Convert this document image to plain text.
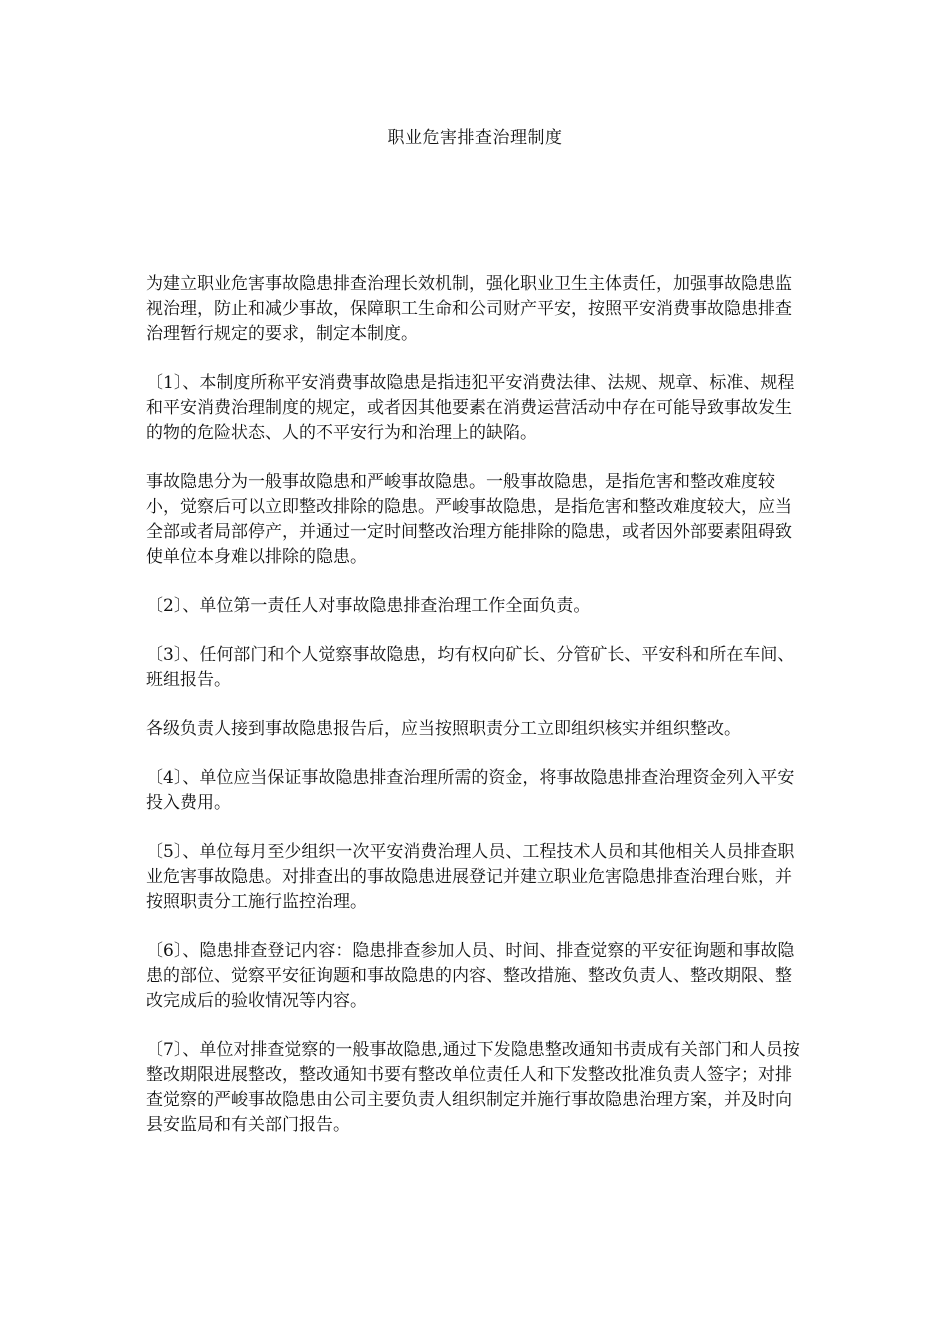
职业危害排查治理制度

为建立职业危害事故隐患排查治理长效机制，强化职业卫生主体责任，加强事故隐患监视治理，防止和减少事故，保障职工生命和公司财产平安，按照平安消费事故隐患排查治理暂行规定的要求，制定本制度。

〔1〕、本制度所称平安消费事故隐患是指违犯平安消费法律、法规、规章、标准、规程和平安消费治理制度的规定，或者因其他要素在消费运营活动中存在可能导致事故发生的物的危险状态、人的不平安行为和治理上的缺陷。

事故隐患分为一般事故隐患和严峻事故隐患。一般事故隐患，是指危害和整改难度较小，觉察后可以立即整改排除的隐患。严峻事故隐患，是指危害和整改难度较大，应当全部或者局部停产，并通过一定时间整改治理方能排除的隐患，或者因外部要素阻碍致使单位本身难以排除的隐患。

〔2〕、单位第一责任人对事故隐患排查治理工作全面负责。

〔3〕、任何部门和个人觉察事故隐患，均有权向矿长、分管矿长、平安科和所在车间、班组报告。

各级负责人接到事故隐患报告后，应当按照职责分工立即组织核实并组织整改。

〔4〕、单位应当保证事故隐患排查治理所需的资金，将事故隐患排查治理资金列入平安投入费用。

〔5〕、单位每月至少组织一次平安消费治理人员、工程技术人员和其他相关人员排查职业危害事故隐患。对排查出的事故隐患进展登记并建立职业危害隐患排查治理台账，并按照职责分工施行监控治理。

〔6〕、隐患排查登记内容：隐患排查参加人员、时间、排查觉察的平安征询题和事故隐患的部位、觉察平安征询题和事故隐患的内容、整改措施、整改负责人、整改期限、整改完成后的验收情况等内容。

〔7〕、单位对排查觉察的一般事故隐患,通过下发隐患整改通知书责成有关部门和人员按整改期限进展整改，整改通知书要有整改单位责任人和下发整改批准负责人签字；对排查觉察的严峻事故隐患由公司主要负责人组织制定并施行事故隐患治理方案，并及时向县安监局和有关部门报告。
